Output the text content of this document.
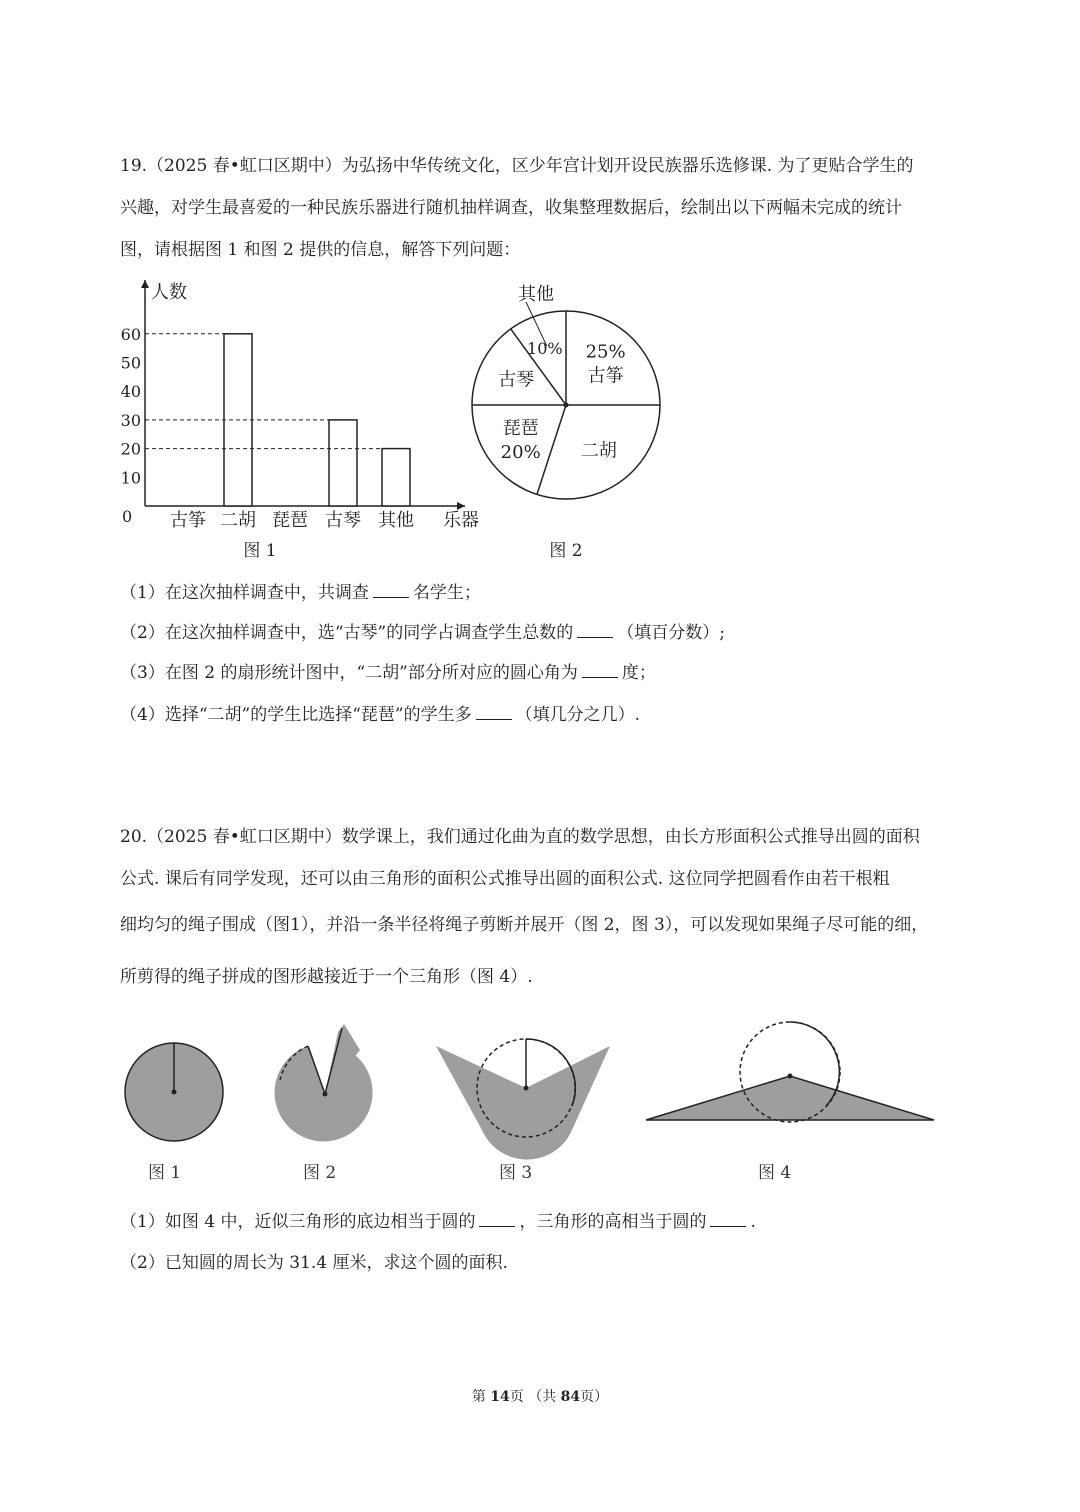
19.（2025 春•虹口区期中）为弘扬中华传统文化，区少年宫计划开设民族器乐选修课. 为了更贴合学生的
兴趣，对学生最喜爱的一种民族乐器进行随机抽样调查，收集整理数据后，绘制出以下两幅未完成的统计
图，请根据图 1 和图 2 提供的信息，解答下列问题：
人数
乐器
0
10
20
30
40
50
60
古筝 二胡 琵琶 古琴 其他
图 1
25%
古筝
二胡
琵琶
20%
古琴
其他
10%
图 2
（1）在这次抽样调查中，共调查	名学生；
（2）在这次抽样调查中，选“古琴”的同学占调查学生总数的	（填百分数）;
（3）在图 2 的扇形统计图中，“二胡”部分所对应的圆心角为	度；
（4）选择“二胡”的学生比选择“琵琶”的学生多	（填几分之几）.
20.（2025 春•虹口区期中）数学课上，我们通过化曲为直的数学思想，由长方形面积公式推导出圆的面积
公式. 课后有同学发现，还可以由三角形的面积公式推导出圆的面积公式. 这位同学把圆看作由若干根粗
细均匀的绳子围成（图1），并沿一条半径将绳子剪断并展开（图 2，图 3），可以发现如果绳子尽可能的细，
所剪得的绳子拼成的图形越接近于一个三角形（图 4）.
图 1	图 2	图 3	图 4
（1）如图 4 中，近似三角形的底边相当于圆的	，三角形的高相当于圆的	.
（2）已知圆的周长为 31.4 厘米，求这个圆的面积.
第 14页 （共 84页）
